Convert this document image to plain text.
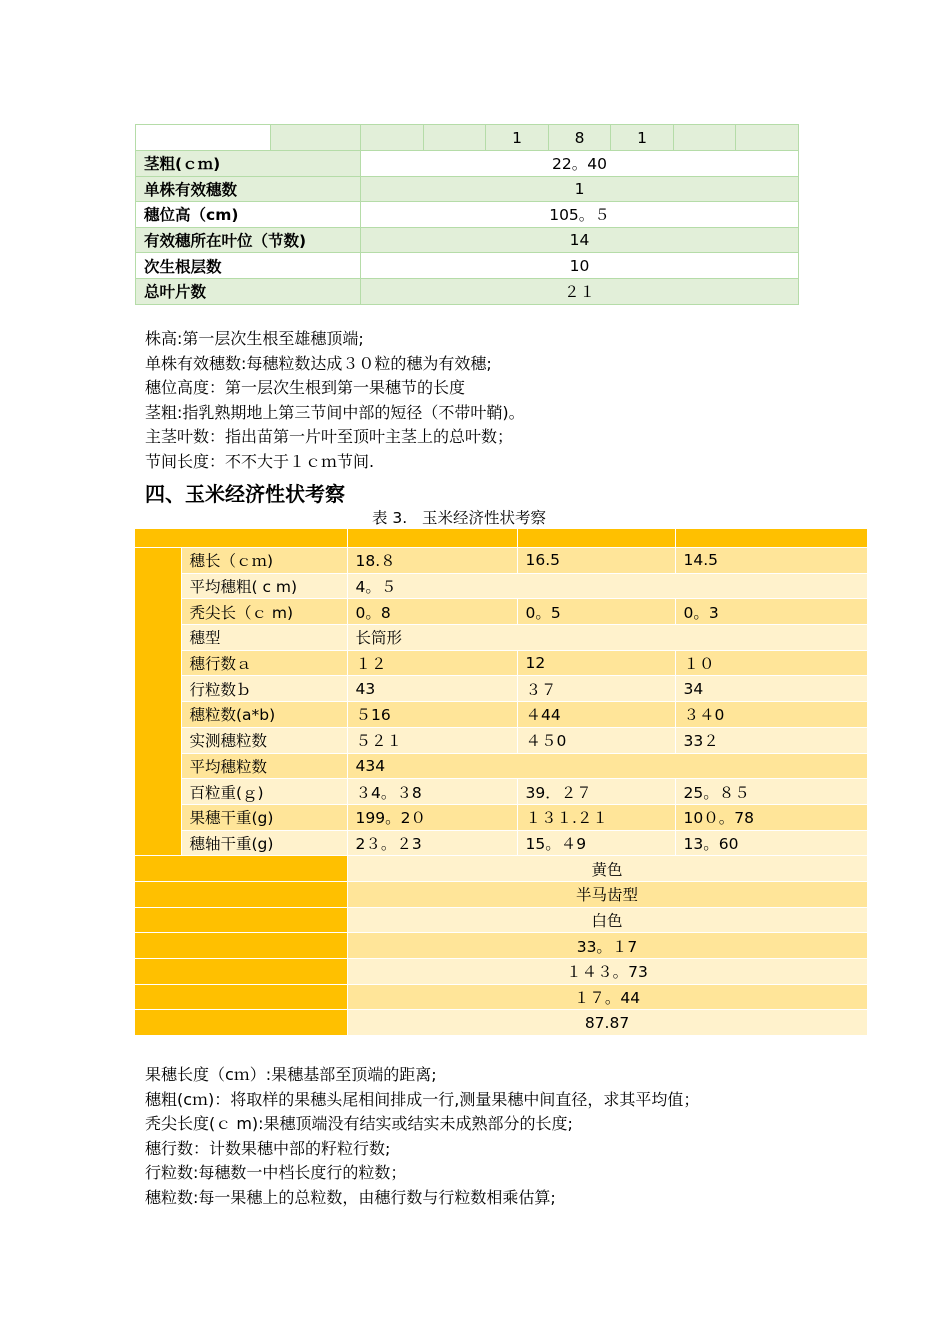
				1	8	1		
茎粗(ｃｍ)		22。40						
单株有效穗数		1						
穗位高（cm)		105。５						
有效穗所在叶位（节数)		14						
次生根层数		10						
总叶片数		２１						

株高:第一层次生根至雄穗顶端;

单株有效穗数:每穗粒数达成３０粒的穗为有效穗;

穗位高度：第一层次生根到第一果穗节的长度

茎粗:指乳熟期地上第三节间中部的短径（不带叶鞘)。

主茎叶数：指出苗第一片叶至顶叶主茎上的总叶数；

节间长度：不不大于１ｃｍ节间.

四、玉米经济性状考察

表 3.   玉米经济性状考察

	穗长（ｃｍ)	18.８	16.5	14.5
	平均穗粗( c m)	4。５		
	秃尖长（ｃ m)	0。8	0。5	0。3
	穗型	长筒形		
	穗行数ａ	１２	12	１０
	行粒数ｂ	43	３７	34
	穗粒数(a*b)	５16	４44	３４0
	实测穗粒数	５２１	４５0	33２
	平均穗粒数	434		
	百粒重(ｇ)	３4。３8	39．２７	25。８５
	果穗干重(g)	199。2０	１３１.２１	10０。78
	穗轴干重(g)	2３。２3	15。４9	13。60
		黄色		
		半马齿型		
		白色		
		33。１7		
		１４３。73		
		１７。44		
		87.87		

果穗长度（cｍ）:果穗基部至顶端的距离;

穗粗(cｍ)：将取样的果穗头尾相间排成一行,测量果穗中间直径，求其平均值；

秃尖长度(ｃ m):果穗顶端没有结实或结实未成熟部分的长度;

穗行数：计数果穗中部的籽粒行数;

行粒数:每穗数一中档长度行的粒数；

穗粒数:每一果穗上的总粒数，由穗行数与行粒数相乘估算;
